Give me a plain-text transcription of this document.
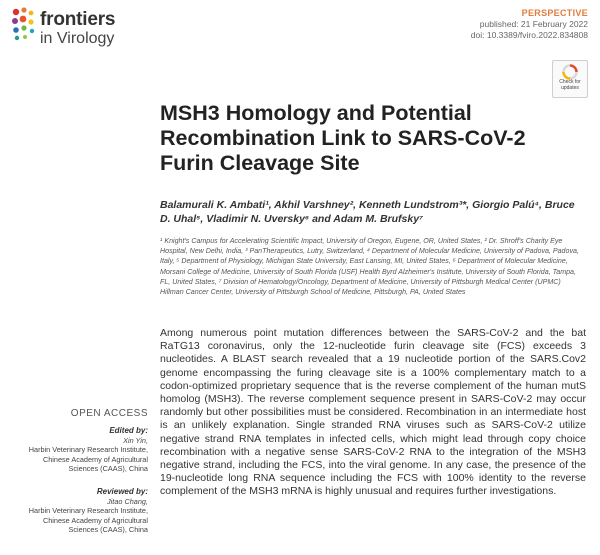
frontiers
in Virology
PERSPECTIVE
published: 21 February 2022
doi: 10.3389/fviro.2022.834808
Check for
updates
MSH3 Homology and Potential Recombination Link to SARS-CoV-2 Furin Cleavage Site
Balamurali K. Ambati¹, Akhil Varshney², Kenneth Lundstrom³*, Giorgio Palú⁴, Bruce D. Uhal⁵, Vladimir N. Uversky⁶ and Adam M. Brufsky⁷
¹ Knight's Campus for Accelerating Scientific Impact, University of Oregon, Eugene, OR, United States, ² Dr. Shroff's Charity Eye Hospital, New Delhi, India, ³ PanTherapeutics, Lutry, Switzerland, ⁴ Department of Molecular Medicine, University of Padova, Padova, Italy, ⁵ Department of Physiology, Michigan State University, East Lansing, MI, United States, ⁶ Department of Molecular Medicine, Morsani College of Medicine, University of South Florida (USF) Health Byrd Alzheimer's Institute, University of South Florida, Tampa, FL, United States, ⁷ Division of Hematology/Oncology, Department of Medicine, University of Pittsburgh Medical Center (UPMC) Hillman Cancer Center, University of Pittsburgh School of Medicine, Pittsburgh, PA, United States
OPEN ACCESS
Edited by:
Xin Yin,
Harbin Veterinary Research Institute,
Chinese Academy of Agricultural
Sciences (CAAS), China
Reviewed by:
Jitao Chang,
Harbin Veterinary Research Institute,
Chinese Academy of Agricultural
Sciences (CAAS), China

Among numerous point mutation differences between the SARS-CoV-2 and the bat RaTG13 coronavirus, only the 12-nucleotide furin cleavage site (FCS) exceeds 3 nucleotides. A BLAST search revealed that a 19 nucleotide portion of the SARS.Cov2 genome encompassing the furing cleavage site is a 100% complementary match to a codon-optimized proprietary sequence that is the reverse complement of the human mutS homolog (MSH3). The reverse complement sequence present in SARS-CoV-2 may occur randomly but other possibilities must be considered. Recombination in an intermediate host is an unlikely explanation. Single stranded RNA viruses such as SARS-CoV-2 utilize negative strand RNA templates in infected cells, which might lead through copy choice recombination with a negative sense SARS-CoV-2 RNA to the integration of the MSH3 negative strand, including the FCS, into the viral genome. In any case, the presence of the 19-nucleotide long RNA sequence including the FCS with 100% identity to the reverse complement of the MSH3 mRNA is highly unusual and requires further investigations.
